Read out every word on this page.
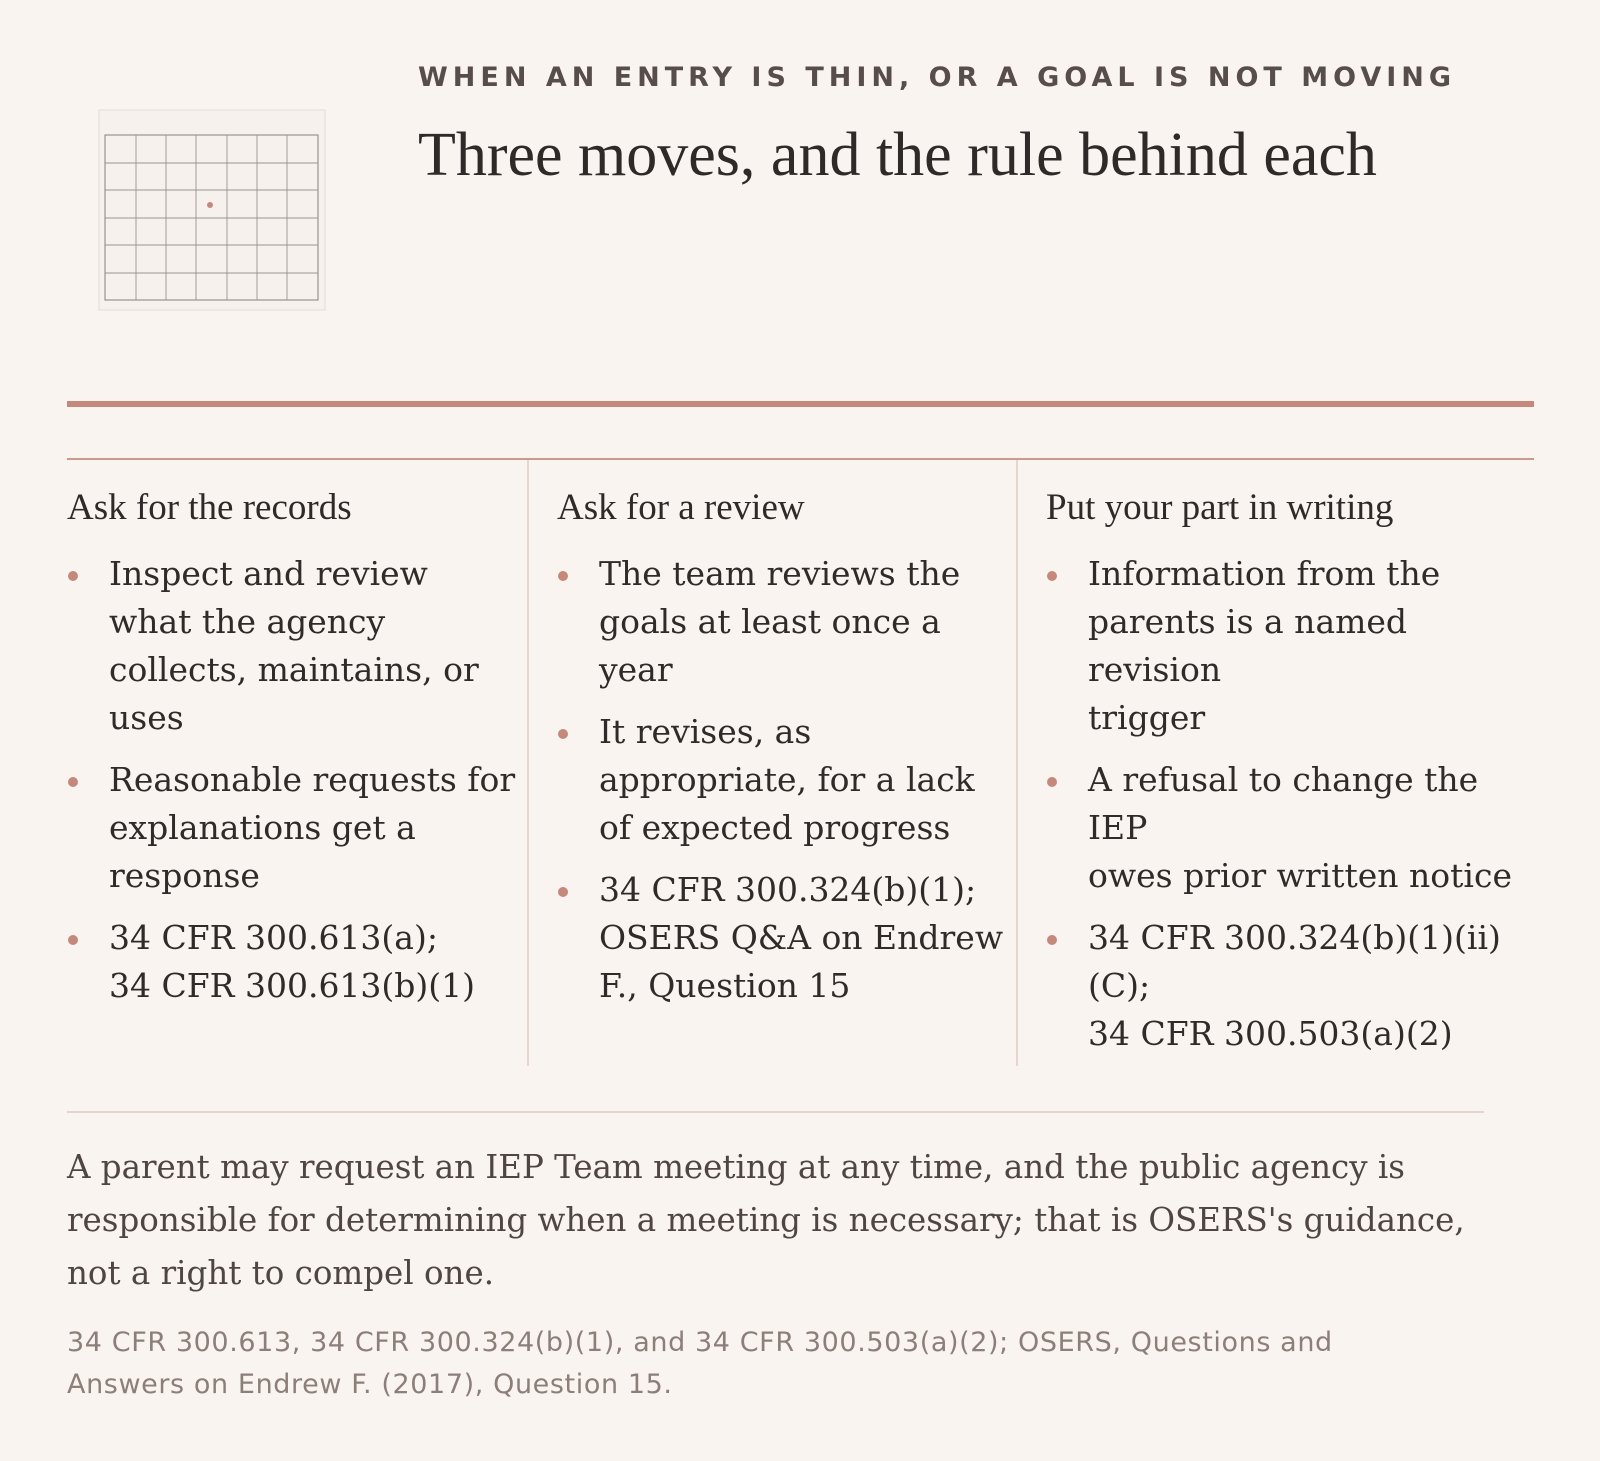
WHEN AN ENTRY IS THIN, OR A GOAL IS NOT MOVING
Three moves, and the rule behind each
Ask for the records
Inspect and review
what the agency
collects, maintains, or
uses
Reasonable requests for
explanations get a
response
34 CFR 300.613(a);
34 CFR 300.613(b)(1)
Ask for a review
The team reviews the
goals at least once a
year
It revises, as
appropriate, for a lack
of expected progress
34 CFR 300.324(b)(1);
OSERS Q&A on Endrew
F., Question 15
Put your part in writing
Information from the
parents is a named revision
trigger
A refusal to change the IEP
owes prior written notice
34 CFR 300.324(b)(1)(ii)(C);
34 CFR 300.503(a)(2)

A parent may request an IEP Team meeting at any time, and the public agency is
responsible for determining when a meeting is necessary; that is OSERS's guidance,
not a right to compel one.

34 CFR 300.613, 34 CFR 300.324(b)(1), and 34 CFR 300.503(a)(2); OSERS, Questions and
Answers on Endrew F. (2017), Question 15.
